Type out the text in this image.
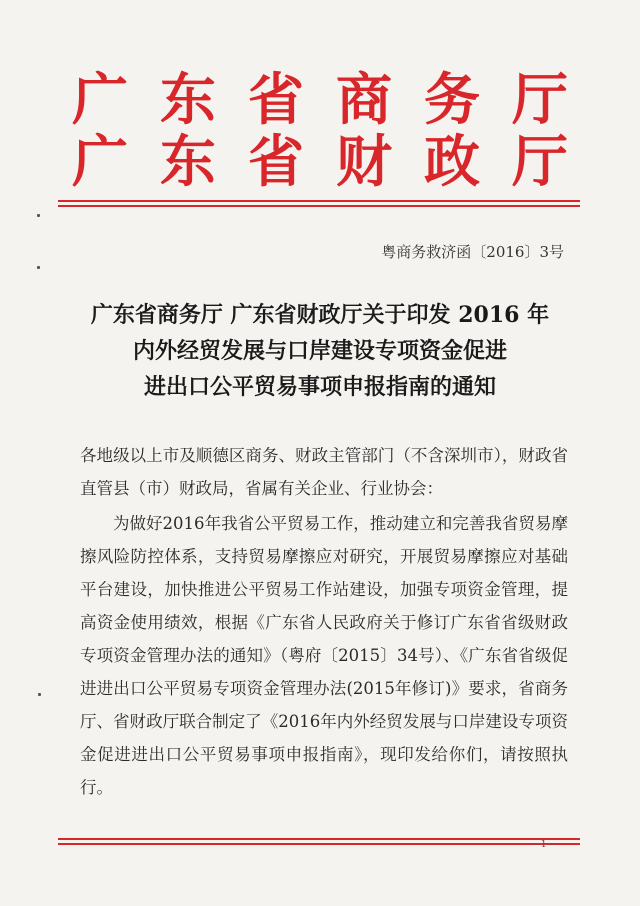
广东省商务厅
广东省财政厅
粤商务救济函〔2016〕3号
广东省商务厅 广东省财政厅关于印发 2016 年
内外经贸发展与口岸建设专项资金促进
进出口公平贸易事项申报指南的通知
各地级以上市及顺德区商务、财政主管部门（不含深圳市），财政省直管县（市）财政局，省属有关企业、行业协会：
为做好2016年我省公平贸易工作，推动建立和完善我省贸易摩擦风险防控体系，支持贸易摩擦应对研究，开展贸易摩擦应对基础平台建设，加快推进公平贸易工作站建设，加强专项资金管理，提高资金使用绩效，根据《广东省人民政府关于修订广东省省级财政专项资金管理办法的通知》（粤府〔2015〕34号）、《广东省省级促进进出口公平贸易专项资金管理办法(2015年修订)》要求，省商务厅、省财政厅联合制定了《2016年内外经贸发展与口岸建设专项资金促进进出口公平贸易事项申报指南》，现印发给你们，请按照执行。
- 1 -
